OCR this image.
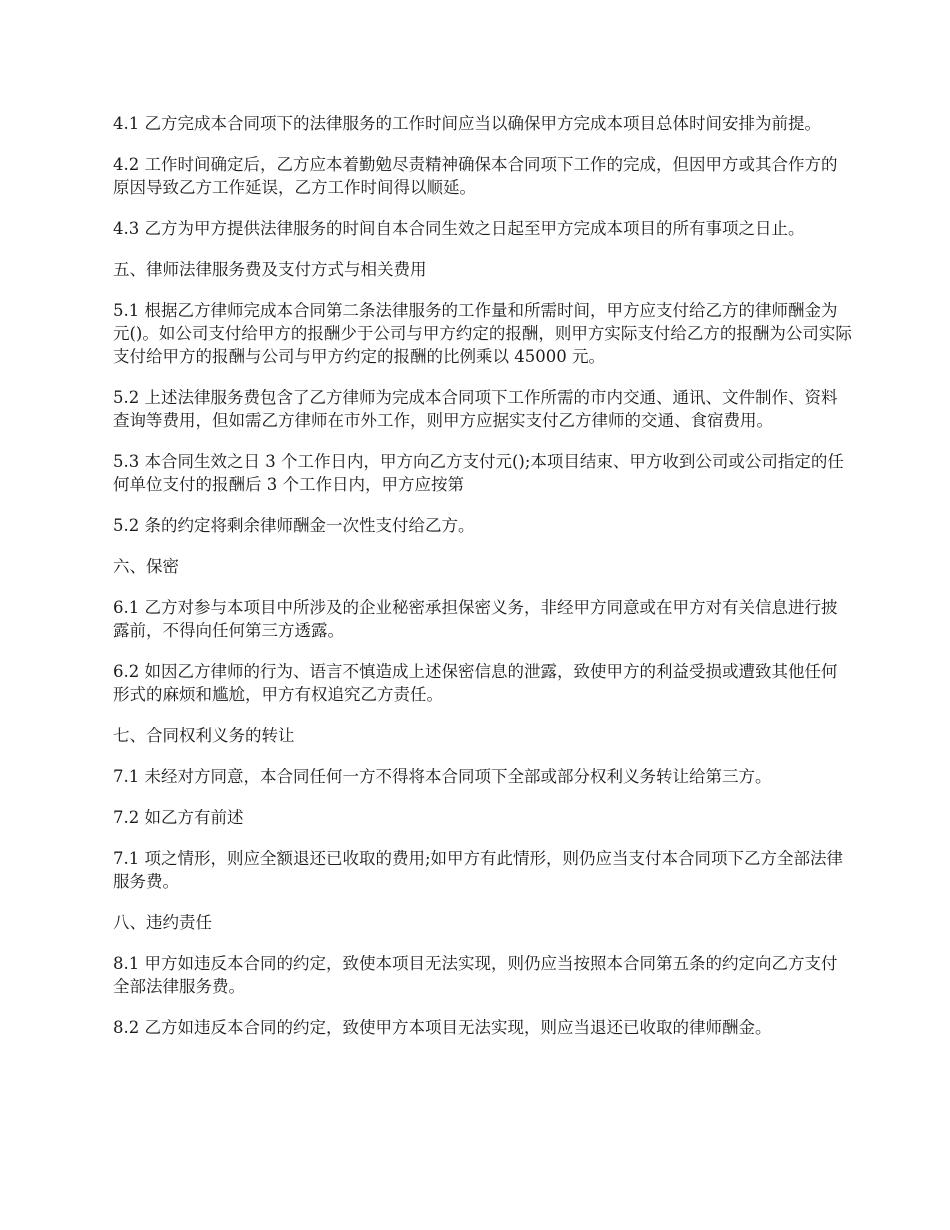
4.1 乙方完成本合同项下的法律服务的工作时间应当以确保甲方完成本项目总体时间安排为前提。

4.2 工作时间确定后，乙方应本着勤勉尽责精神确保本合同项下工作的完成，但因甲方或其合作方的原因导致乙方工作延误，乙方工作时间得以顺延。

4.3 乙方为甲方提供法律服务的时间自本合同生效之日起至甲方完成本项目的所有事项之日止。

五、律师法律服务费及支付方式与相关费用

5.1 根据乙方律师完成本合同第二条法律服务的工作量和所需时间，甲方应支付给乙方的律师酬金为元()。如公司支付给甲方的报酬少于公司与甲方约定的报酬，则甲方实际支付给乙方的报酬为公司实际支付给甲方的报酬与公司与甲方约定的报酬的比例乘以 45000 元。

5.2 上述法律服务费包含了乙方律师为完成本合同项下工作所需的市内交通、通讯、文件制作、资料查询等费用，但如需乙方律师在市外工作，则甲方应据实支付乙方律师的交通、食宿费用。

5.3 本合同生效之日 3 个工作日内，甲方向乙方支付元();本项目结束、甲方收到公司或公司指定的任何单位支付的报酬后 3 个工作日内，甲方应按第

5.2 条的约定将剩余律师酬金一次性支付给乙方。

六、保密

6.1 乙方对参与本项目中所涉及的企业秘密承担保密义务，非经甲方同意或在甲方对有关信息进行披露前，不得向任何第三方透露。

6.2 如因乙方律师的行为、语言不慎造成上述保密信息的泄露，致使甲方的利益受损或遭致其他任何形式的麻烦和尴尬，甲方有权追究乙方责任。

七、合同权利义务的转让

7.1 未经对方同意，本合同任何一方不得将本合同项下全部或部分权利义务转让给第三方。

7.2 如乙方有前述

7.1 项之情形，则应全额退还已收取的费用;如甲方有此情形，则仍应当支付本合同项下乙方全部法律服务费。

八、违约责任

8.1 甲方如违反本合同的约定，致使本项目无法实现，则仍应当按照本合同第五条的约定向乙方支付全部法律服务费。

8.2 乙方如违反本合同的约定，致使甲方本项目无法实现，则应当退还已收取的律师酬金。
